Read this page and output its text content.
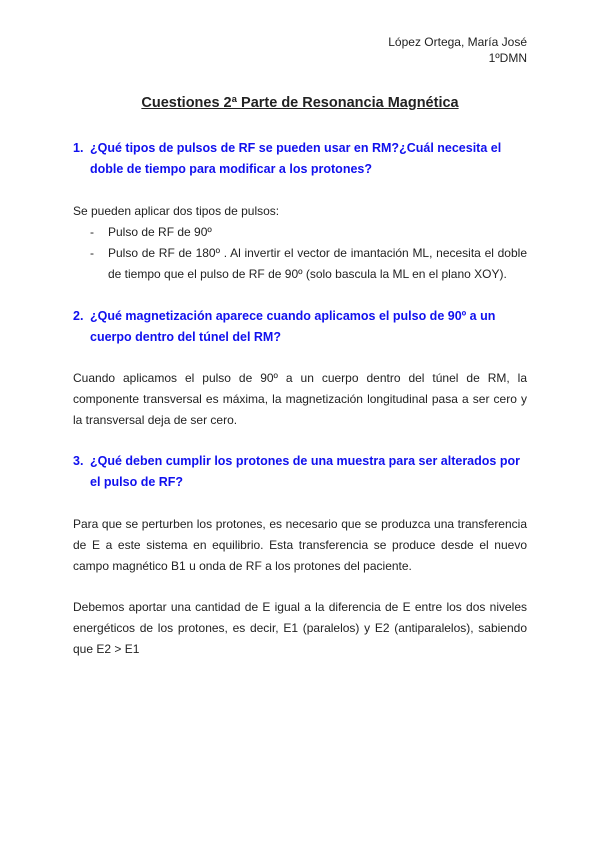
López Ortega, María José
1ºDMN
Cuestiones 2ª Parte de Resonancia Magnética
1. ¿Qué tipos de pulsos de RF se pueden usar en RM?¿Cuál necesita el doble de tiempo para modificar a los protones?
Se pueden aplicar dos tipos de pulsos:
- Pulso de RF de 90º
- Pulso de RF de 180º . Al invertir el vector de imantación ML, necesita el doble de tiempo que el pulso de RF de 90º (solo bascula la ML en el plano XOY).
2. ¿Qué magnetización aparece cuando aplicamos el pulso de 90º a un cuerpo dentro del túnel del RM?
Cuando aplicamos el pulso de 90º a un cuerpo dentro del túnel de RM, la componente transversal es máxima, la magnetización longitudinal pasa a ser cero y la transversal deja de ser cero.
3. ¿Qué deben cumplir los protones de una muestra para ser alterados por el pulso de RF?
Para que se perturben los protones, es necesario que se produzca una transferencia de E a este sistema en equilibrio. Esta transferencia se produce desde el nuevo campo magnético B1 u onda de RF a los protones del paciente.
Debemos aportar una cantidad de E igual a la diferencia de E entre los dos niveles energéticos de los protones, es decir, E1 (paralelos) y E2 (antiparalelos), sabiendo que E2 > E1
